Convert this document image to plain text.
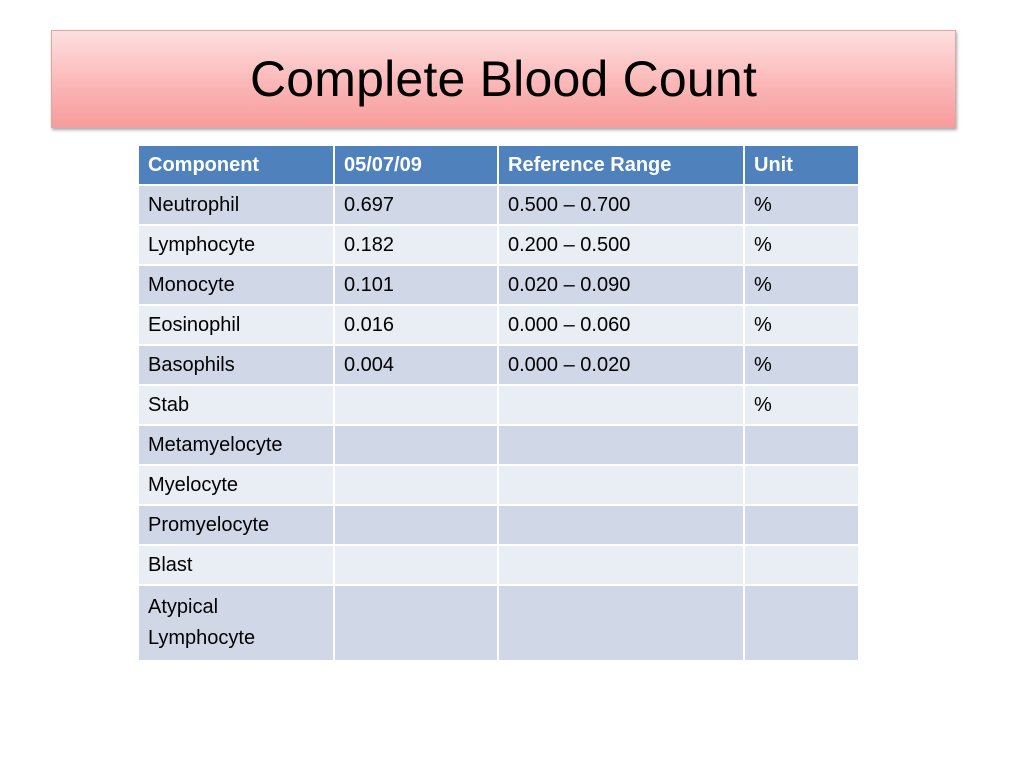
Complete Blood Count
Component	05/07/09	Reference Range	Unit
Neutrophil	0.697	0.500 – 0.700	%
Lymphocyte	0.182	0.200 – 0.500	%
Monocyte	0.101	0.020 – 0.090	%
Eosinophil	0.016	0.000 – 0.060	%
Basophils	0.004	0.000 – 0.020	%
Stab			%
Metamyelocyte			
Myelocyte			
Promyelocyte			
Blast			
Atypical Lymphocyte			
